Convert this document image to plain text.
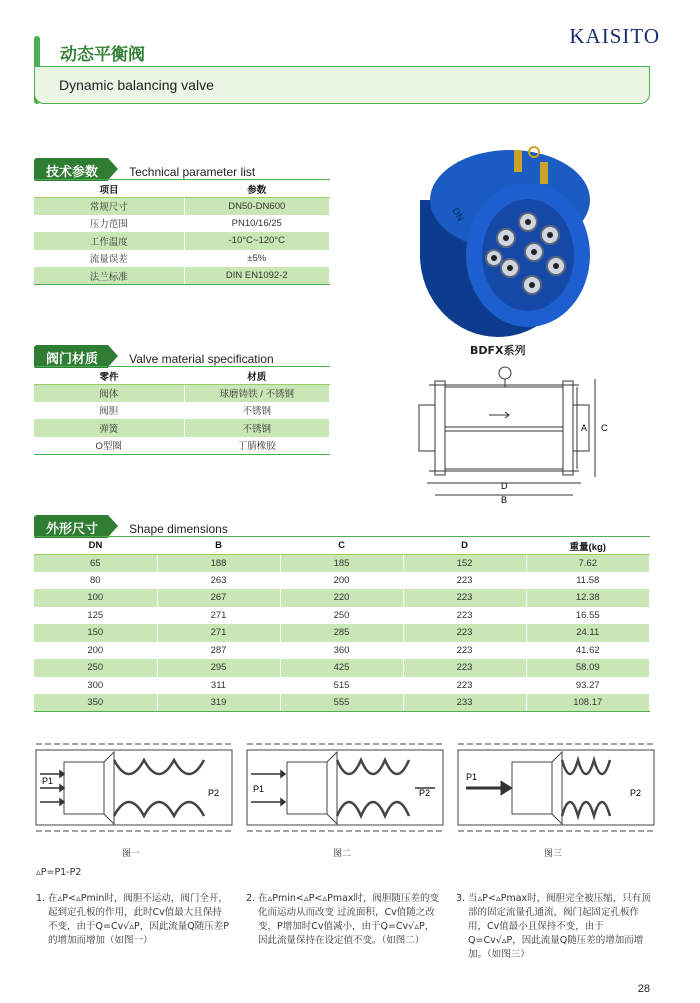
KAISITO
动态平衡阀
Dynamic balancing valve
技术参数	Technical parameter list
项目	参数
常规尺寸	DN50-DN600
压力范围	PN10/16/25
工作温度	-10°C~120°C
流量误差	±5%
法兰标准	DIN EN1092-2
DN
BDFX系列
D
B
A C
阀门材质	Valve material specification
零件	材质
阀体	球磨铸铁 / 不锈钢
阀胆	不锈钢
弹簧	不锈钢
O型圈	丁腈橡胶
外形尺寸	Shape dimensions
DN	B	C	D	重量(kg)
65	188	185	152	7.62
80	263	200	223	11.58
100	267	220	223	12.38
125	271	250	223	16.55
150	271	285	223	24.11
200	287	360	223	41.62
250	295	425	223	58.09
300	311	515	223	93.27
350	319	555	233	108.17
P1
P2
图一
P1	P2
图二
P1
P2
图三
▵P=P1-P2
1. 在▵P<▵Pmin时，阀胆不运动，阀门全开，起到定孔板的作用，此时Cv值最大且保持不变，由于Q=Cv√▵P，因此流量Q随压差P的增加而增加（如图一）
2. 在▵Pmin<▵P<▵Pmax时，阀胆随压差的变化而运动从而改变 过流面积，Cv值随之改变，P增加时Cv值减小，由于Q=Cv√▵P，因此流量保持在设定值不变。（如图二）
3. 当▵P<▵Pmax时，阀胆完全被压缩，只有顶部的固定流量孔通流，阀门起固定孔板作用，Cv值最小且保持不变，由于Q=Cv√▵P，因此流量Q随压差的增加而增加。（如图三）
28
